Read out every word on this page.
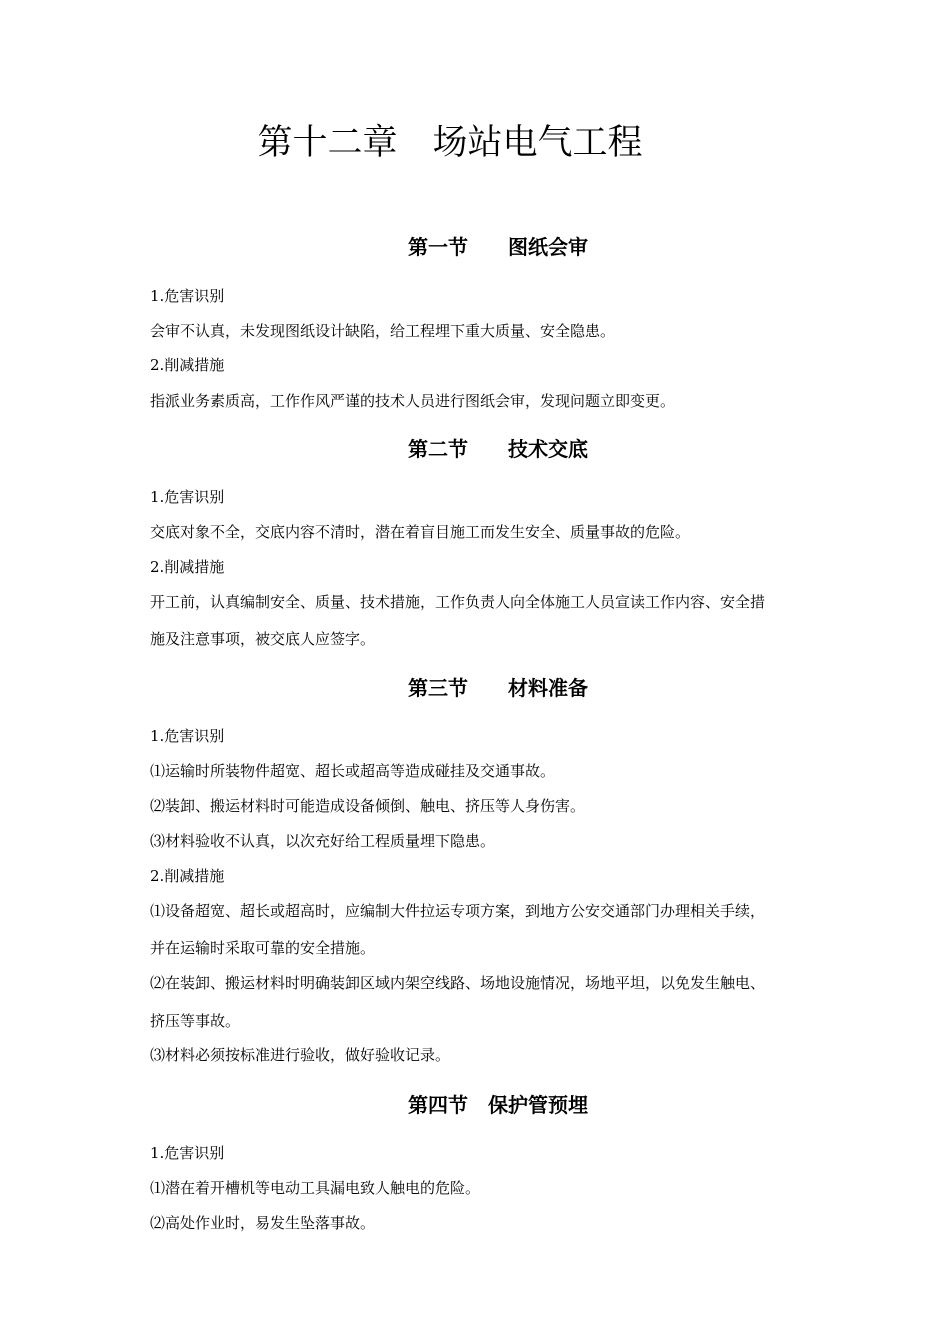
第十二章　场站电气工程
第一节　　图纸会审
1.危害识别
会审不认真，未发现图纸设计缺陷，给工程埋下重大质量、安全隐患。
2.削减措施
指派业务素质高，工作作风严谨的技术人员进行图纸会审，发现问题立即变更。
第二节　　技术交底
1.危害识别
交底对象不全，交底内容不清时，潜在着盲目施工而发生安全、质量事故的危险。
2.削减措施
开工前，认真编制安全、质量、技术措施，工作负责人向全体施工人员宣读工作内容、安全措
施及注意事项，被交底人应签字。
第三节　　材料准备
1.危害识别
⑴运输时所装物件超宽、超长或超高等造成碰挂及交通事故。
⑵装卸、搬运材料时可能造成设备倾倒、触电、挤压等人身伤害。
⑶材料验收不认真，以次充好给工程质量埋下隐患。
2.削减措施
⑴设备超宽、超长或超高时，应编制大件拉运专项方案，到地方公安交通部门办理相关手续，
并在运输时采取可靠的安全措施。
⑵在装卸、搬运材料时明确装卸区域内架空线路、场地设施情况，场地平坦，以免发生触电、
挤压等事故。
⑶材料必须按标准进行验收，做好验收记录。
第四节　保护管预埋
1.危害识别
⑴潜在着开槽机等电动工具漏电致人触电的危险。
⑵高处作业时，易发生坠落事故。
